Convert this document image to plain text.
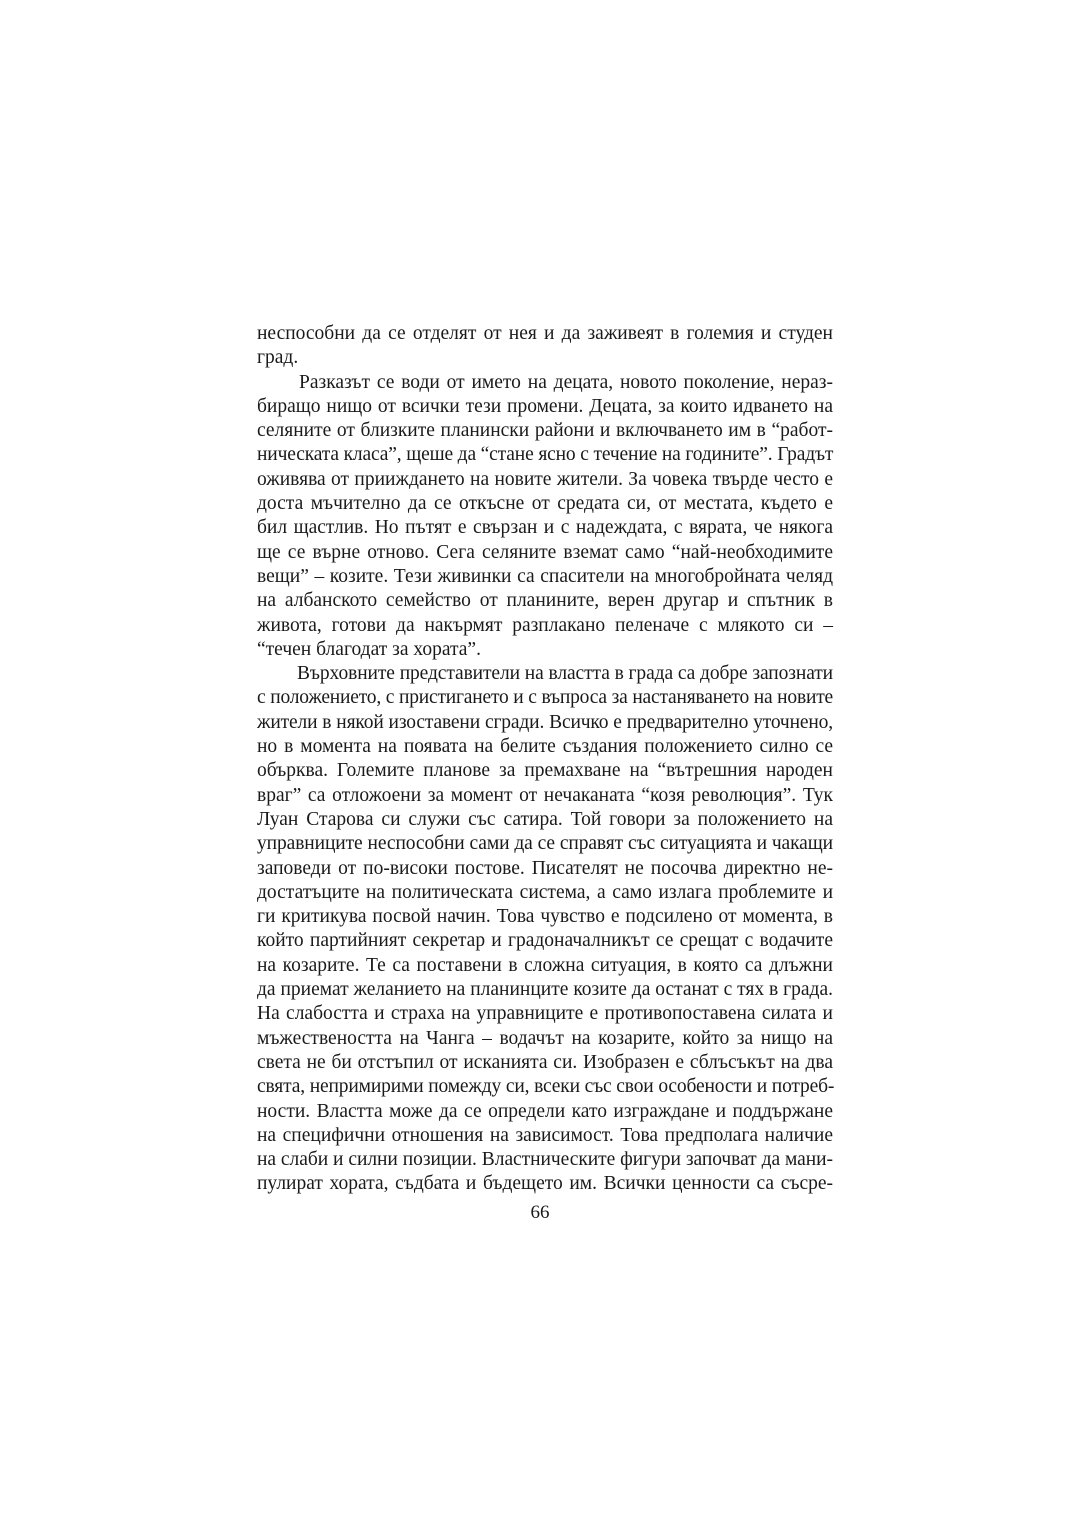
неспособни да се отделят от нея и да заживеят в големия и студен
град.
Разказът се води от името на децата, новото поколение, нераз-
биращо нищо от всички тези промени. Децата, за които идването на
селяните от близките планински райони и включването им в “работ-
ническата класа”, щеше да “стане ясно с течение на годините”. Градът
оживява от прииждането на новите жители. За човека твърде често е
доста мъчително да се откъсне от средата си, от местата, където е
бил щастлив. Но пътят е свързан и с надеждата, с вярата, че някога
ще се върне отново. Сега селяните вземат само “най-необходимите
вещи” – козите. Тези живинки са спасители на многобройната челяд
на албанското семейство от планините, верен другар и спътник в
живота, готови да накърмят разплакано пеленаче с млякото си –
“течен благодат за хората”.
Върховните представители на властта в града са добре запознати
с положението, с пристигането и с въпроса за настаняването на новите
жители в някой изоставени сгради. Всичко е предварително уточнено,
но в момента на появата на белите създания положението силно се
обърква. Големите планове за премахване на “вътрешния народен
враг” са отложоени за момент от нечаканата “козя революция”. Тук
Луан Старова си служи със сатира. Той говори за положението на
управниците неспособни сами да се справят със ситуацията и чакащи
заповеди от по-високи постове. Писателят не посочва директно не-
достатъците на политическата система, а само излага проблемите и
ги критикува посвой начин. Това чувство е подсилено от момента, в
който партийният секретар и градоначалникът се срещат с водачите
на козарите. Те са поставени в сложна ситуация, в която са длъжни
да приемат желанието на планинците козите да останат с тях в града.
На слабостта и страха на управниците е противопоставена силата и
мъжествеността на Чанга – водачът на козарите, който за нищо на
света не би отстъпил от исканията си. Изобразен е сблъсъкът на два
свята, непримирими помежду си, всеки със свои особености и потреб-
ности. Властта може да се определи като изграждане и поддържане
на специфични отношения на зависимост. Това предполага наличие
на слаби и силни позиции. Властническите фигури започват да мани-
пулират хората, съдбата и бъдещето им. Всички ценности са съсре-
66
